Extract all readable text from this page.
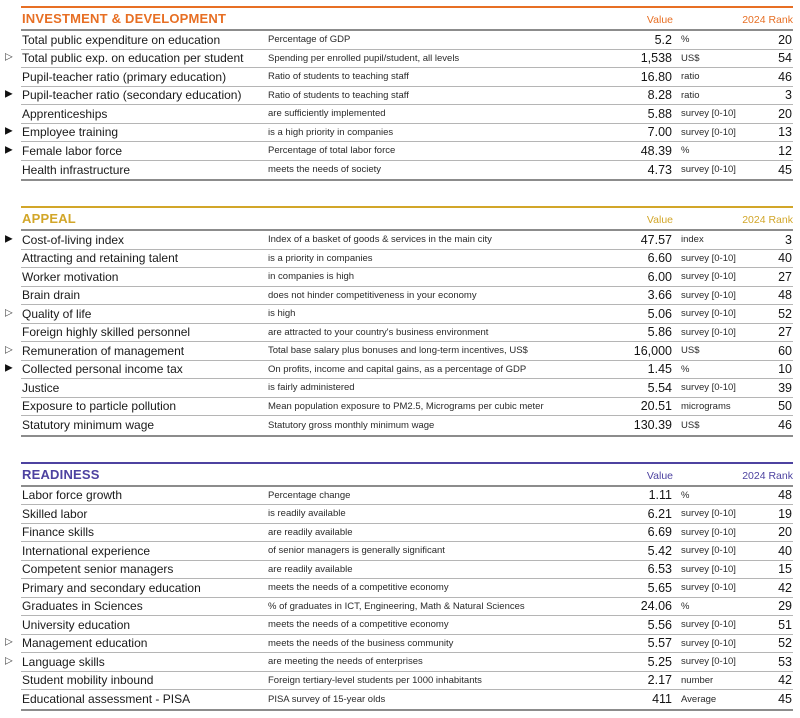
INVESTMENT & DEVELOPMENT	Value	2024 Rank
Total public expenditure on education	Percentage of GDP	5.2 %	20
▷ Total public exp. on education per student	Spending per enrolled pupil/student, all levels	1,538 US$	54
Pupil-teacher ratio (primary education)	Ratio of students to teaching staff	16.80 ratio	46
▶ Pupil-teacher ratio (secondary education)	Ratio of students to teaching staff	8.28 ratio	3
Apprenticeships	are sufficiently implemented	5.88 survey [0-10]	20
▶ Employee training	is a high priority in companies	7.00 survey [0-10]	13
▶ Female labor force	Percentage of total labor force	48.39 %	12
Health infrastructure	meets the needs of society	4.73 survey [0-10]	45
APPEAL	Value	2024 Rank
▶ Cost-of-living index	Index of a basket of goods & services in the main city	47.57 index	3
Attracting and retaining talent	is a priority in companies	6.60 survey [0-10]	40
Worker motivation	in companies is high	6.00 survey [0-10]	27
Brain drain	does not hinder competitiveness in your economy	3.66 survey [0-10]	48
▷ Quality of life	is high	5.06 survey [0-10]	52
Foreign highly skilled personnel	are attracted to your country's business environment	5.86 survey [0-10]	27
▷ Remuneration of management	Total base salary plus bonuses and long-term incentives, US$	16,000 US$	60
▶ Collected personal income tax	On profits, income and capital gains, as a percentage of GDP	1.45 %	10
Justice	is fairly administered	5.54 survey [0-10]	39
Exposure to particle pollution	Mean population exposure to PM2.5, Micrograms per cubic meter	20.51 micrograms	50
Statutory minimum wage	Statutory gross monthly minimum wage	130.39 US$	46
READINESS	Value	2024 Rank
Labor force growth	Percentage change	1.11 %	48
Skilled labor	is readily available	6.21 survey [0-10]	19
Finance skills	are readily available	6.69 survey [0-10]	20
International experience	of senior managers is generally significant	5.42 survey [0-10]	40
Competent senior managers	are readily available	6.53 survey [0-10]	15
Primary and secondary education	meets the needs of a competitive economy	5.65 survey [0-10]	42
Graduates in Sciences	% of graduates in ICT, Engineering, Math & Natural Sciences	24.06 %	29
University education	meets the needs of a competitive economy	5.56 survey [0-10]	51
▷ Management education	meets the needs of the business community	5.57 survey [0-10]	52
▷ Language skills	are meeting the needs of enterprises	5.25 survey [0-10]	53
Student mobility inbound	Foreign tertiary-level students per 1000 inhabitants	2.17 number	42
Educational assessment - PISA	PISA survey of 15-year olds	411 Average	45
